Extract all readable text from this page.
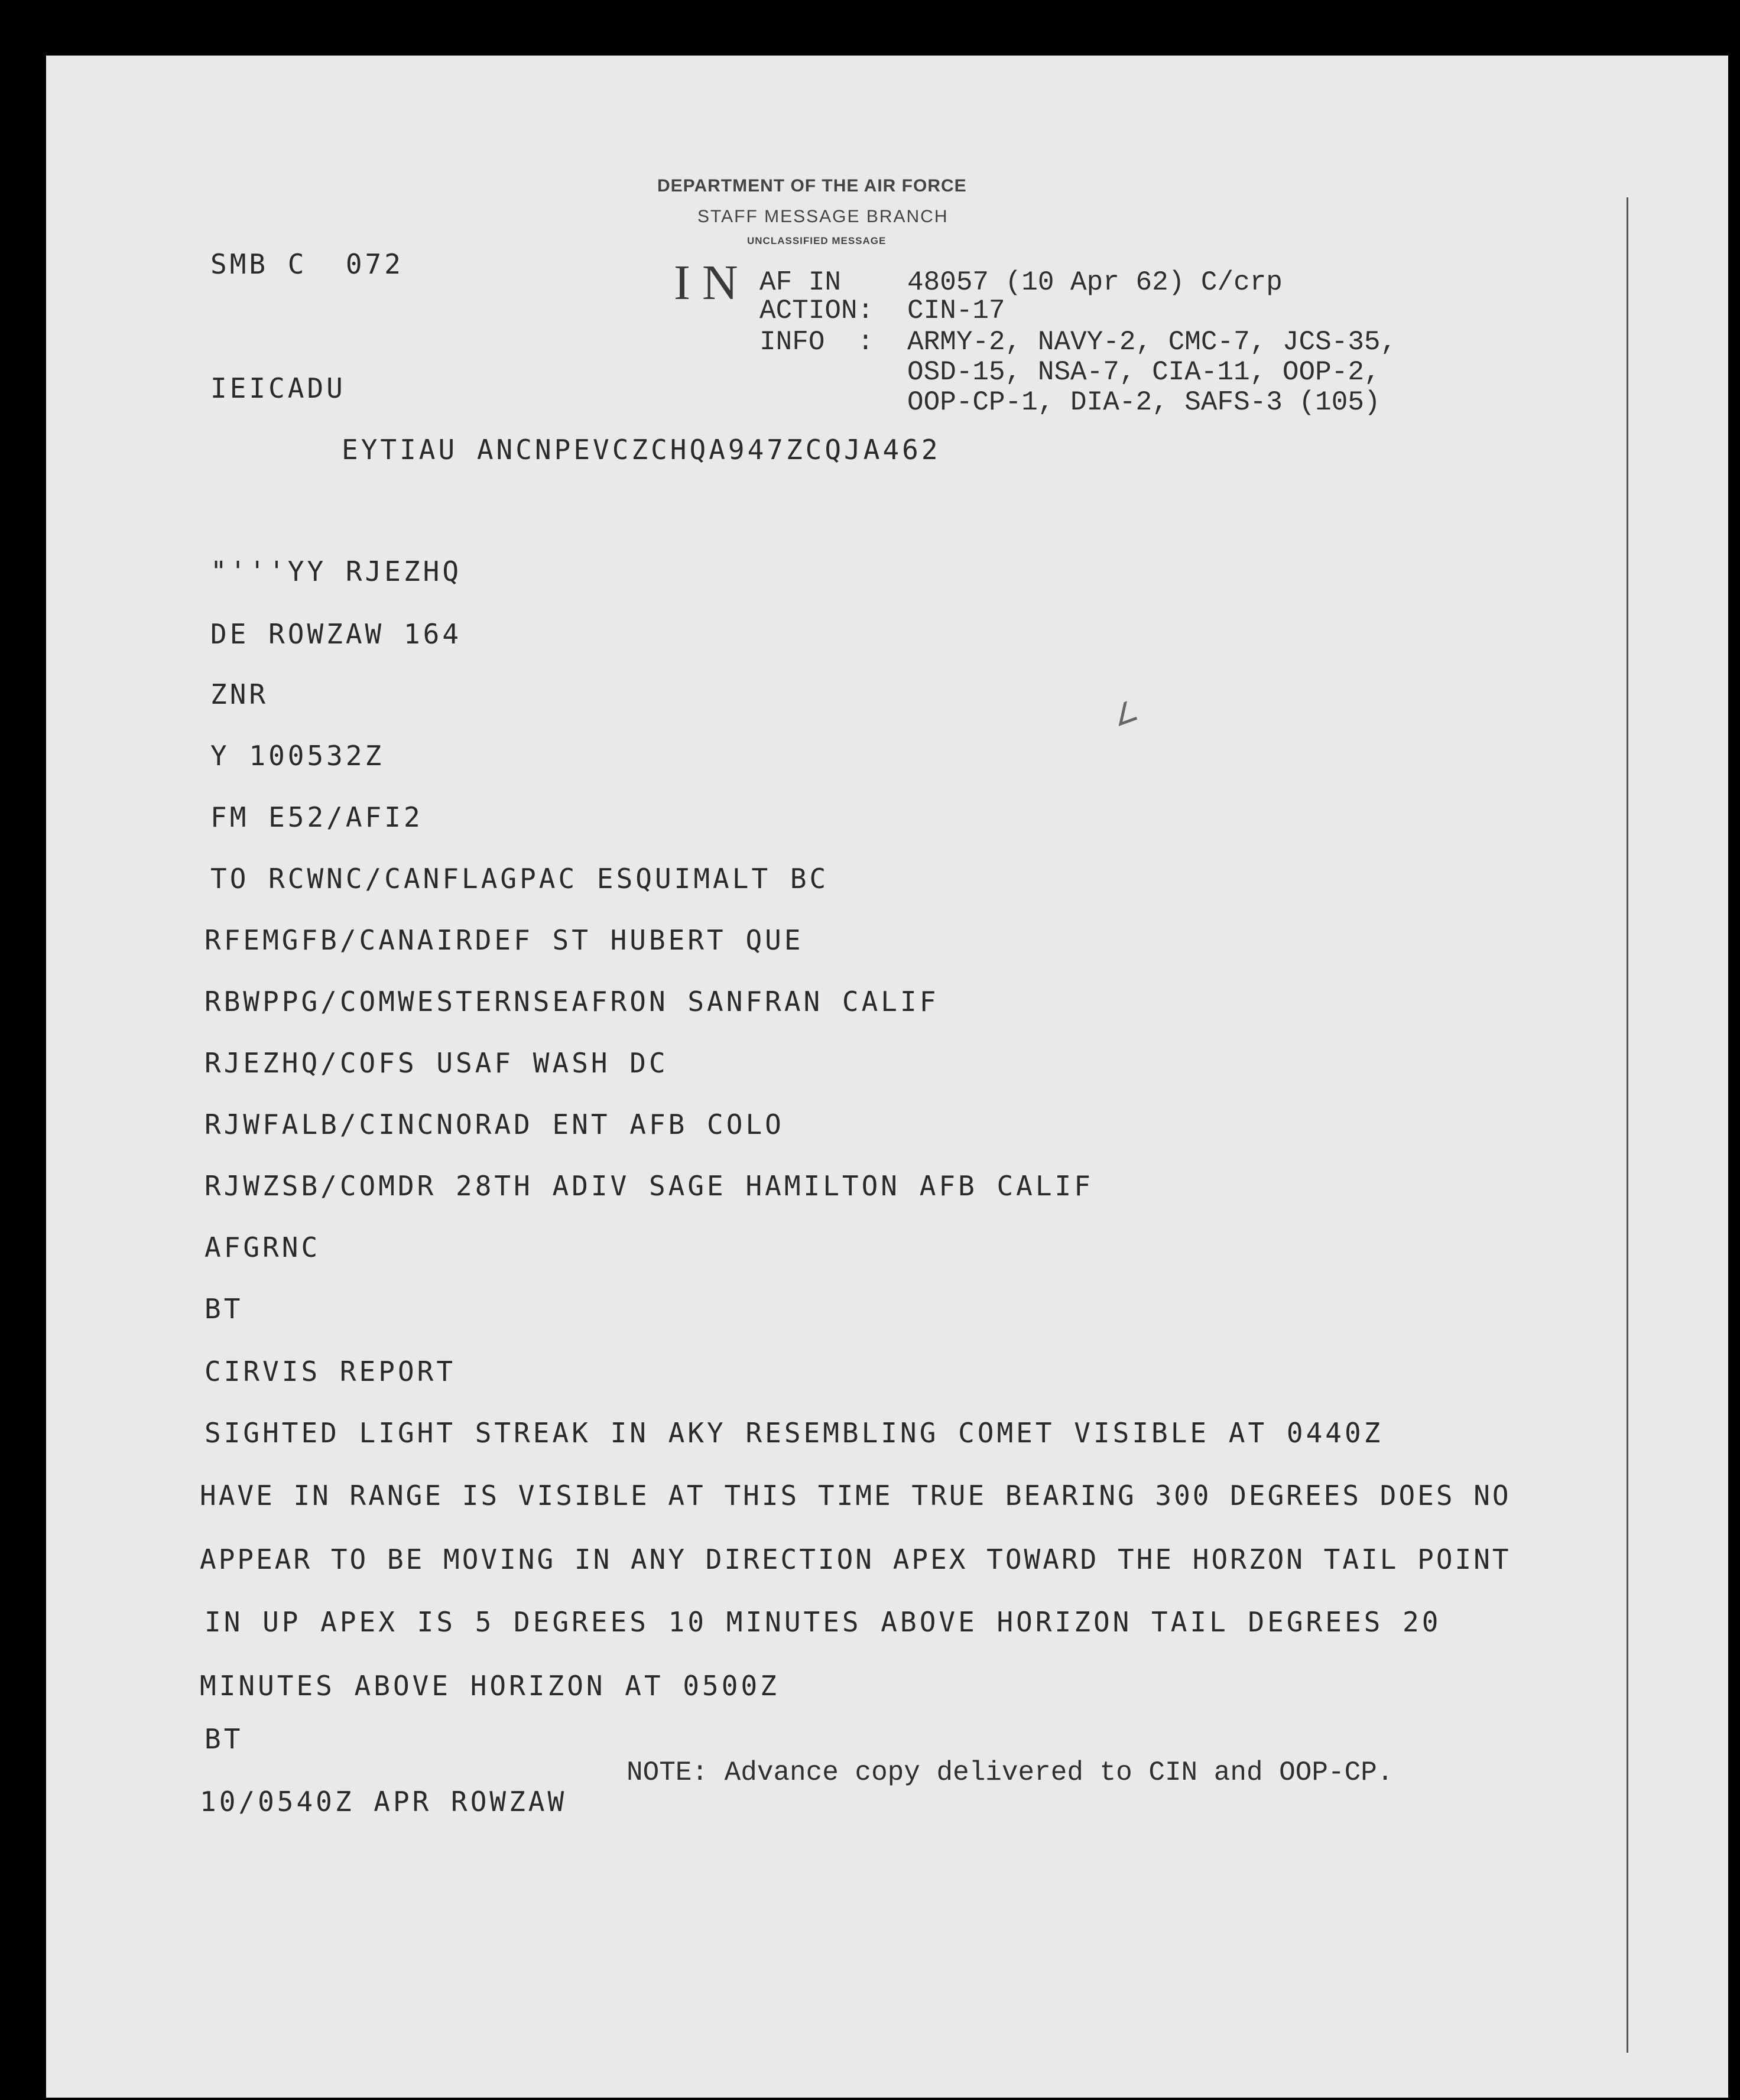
DEPARTMENT OF THE AIR FORCE
STAFF MESSAGE BRANCH
UNCLASSIFIED MESSAGE
SMB C  072
IEICADU
EYTIAU ANCNPEVCZCHQA947ZCQJA462
IN AF IN 48057 (10 Apr 62) C/crp
ACTION: CIN-17
INFO  : ARMY-2, NAVY-2, CMC-7, JCS-35,
OSD-15, NSA-7, CIA-11, OOP-2,
OOP-CP-1, DIA-2, SAFS-3 (105)
"'''YY RJEZHQ
DE ROWZAW 164
ZNR
Y 100532Z
FM E52/AFI2
TO RCWNC/CANFLAGPAC ESQUIMALT BC
RFEMGFB/CANAIRDEF ST HUBERT QUE
RBWPPG/COMWESTERNSEAFRON SANFRAN CALIF
RJEZHQ/COFS USAF WASH DC
RJWFALB/CINCNORAD ENT AFB COLO
RJWZSB/COMDR 28TH ADIV SAGE HAMILTON AFB CALIF
AFGRNC
BT
CIRVIS REPORT
SIGHTED LIGHT STREAK IN AKY RESEMBLING COMET VISIBLE AT 0440Z
HAVE IN RANGE IS VISIBLE AT THIS TIME TRUE BEARING 300 DEGREES DOES NO
APPEAR TO BE MOVING IN ANY DIRECTION APEX TOWARD THE HORZON TAIL POINT
IN UP APEX IS 5 DEGREES 10 MINUTES ABOVE HORIZON TAIL DEGREES 20
MINUTES ABOVE HORIZON AT 0500Z
BT
10/0540Z APR ROWZAW
NOTE: Advance copy delivered to CIN and OOP-CP.
∠
